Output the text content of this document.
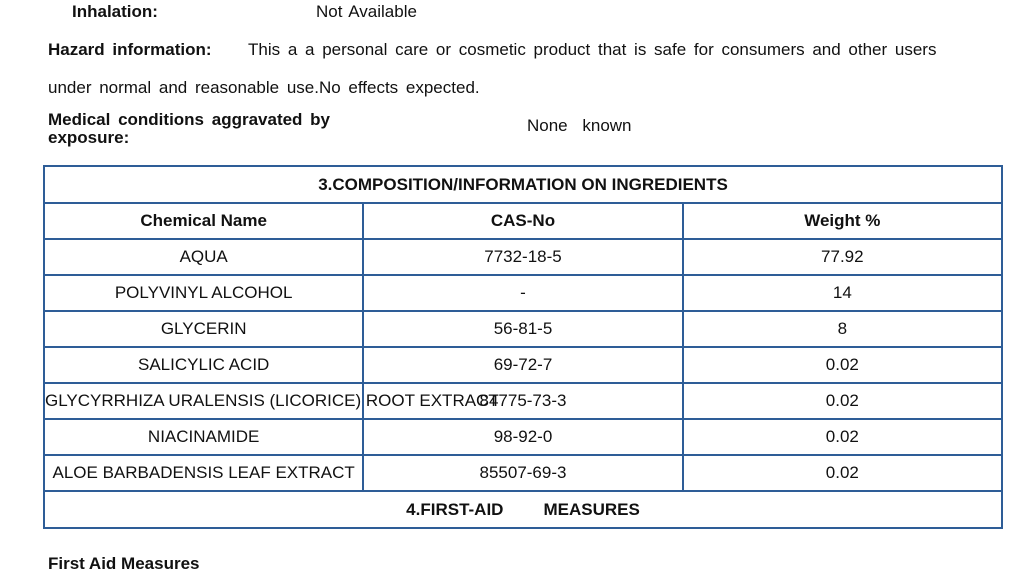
Inhalation:	Not Available
Hazard information: This a a personal care or cosmetic product that is safe for consumers and other users
under normal and reasonable use.No effects expected.
Medical conditions aggravated by
exposure:
None known
3.COMPOSITION/INFORMATION ON INGREDIENTS		
Chemical Name	CAS-No	Weight %
AQUA	7732-18-5	77.92
POLYVINYL ALCOHOL	-	14
GLYCERIN	56-81-5	8
SALICYLIC ACID	69-72-7	0.02
GLYCYRRHIZA URALENSIS (LICORICE) ROOT EXTRACT	84775-73-3	0.02
NIACINAMIDE	98-92-0	0.02
ALOE BARBADENSIS LEAF EXTRACT	85507-69-3	0.02
4.FIRST-AID MEASURES		
First Aid Measures
